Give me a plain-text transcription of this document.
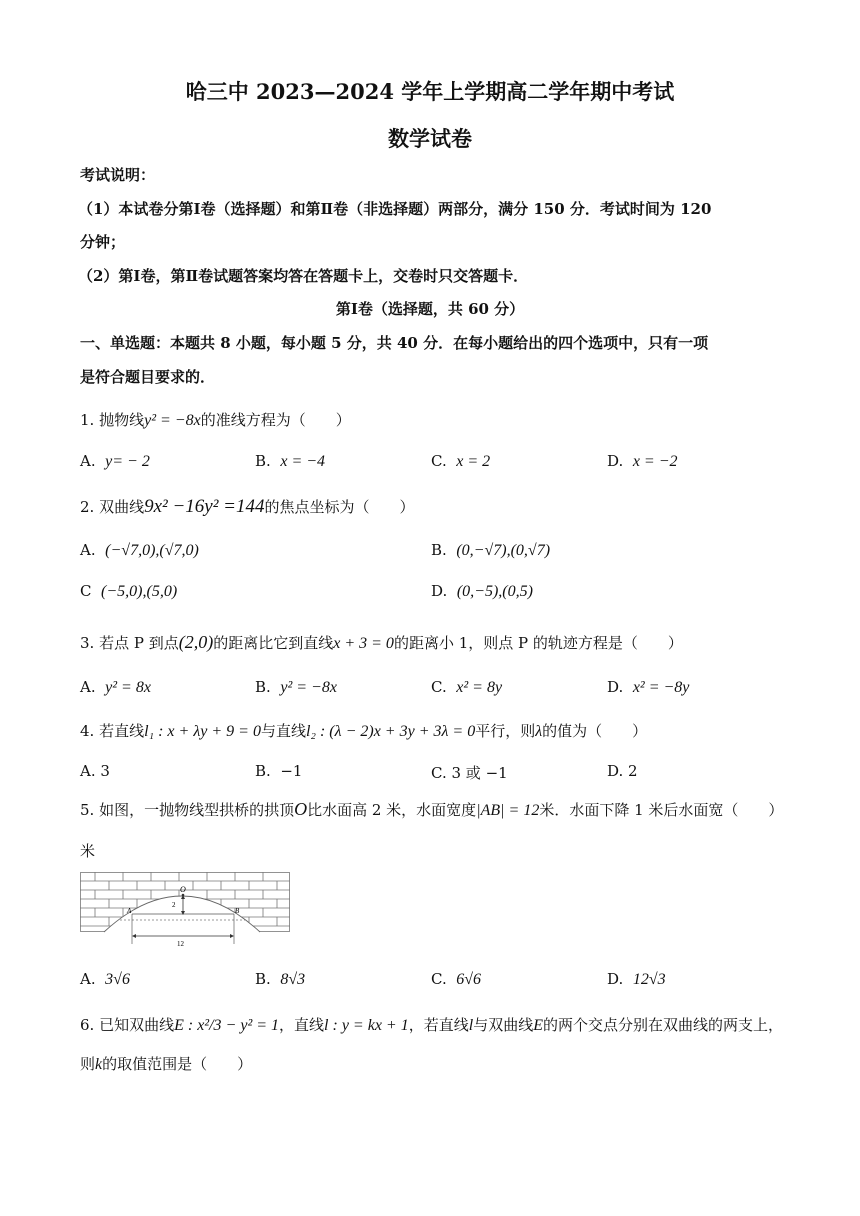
哈三中 2023—2024 学年上学期高二学年期中考试
数学试卷
考试说明：
（1）本试卷分第Ⅰ卷（选择题）和第Ⅱ卷（非选择题）两部分，满分 150 分．考试时间为 120
分钟；
（2）第Ⅰ卷，第Ⅱ卷试题答案均答在答题卡上，交卷时只交答题卡．
第Ⅰ卷（选择题，共 60 分）
一、单选题：本题共 8 小题，每小题 5 分，共 40 分．在每小题给出的四个选项中，只有一项
是符合题目要求的．
1. 抛物线y² = −8x的准线方程为（　　）
A. y= − 2	B. x = −4	C. x = 2	D. x = −2
2. 双曲线9x² −16y² =144的焦点坐标为（　　）
A. (−√7,0),(√7,0)	B. (0,−√7),(0,√7)
C (−5,0),(5,0)	D. (0,−5),(0,5)
3. 若点 P 到点(2,0)的距离比它到直线x + 3 = 0的距离小 1，则点 P 的轨迹方程是（　　）
A. y² = 8x	B. y² = −8x	C. x² = 8y	D. x² = −8y
4. 若直线l₁ : x + λy + 9 = 0与直线l₂ : (λ − 2)x + 3y + 3λ = 0平行，则λ的值为（　　）
A. 3	B. −1	C. 3 或 −1	D. 2
5. 如图，一抛物线型拱桥的拱顶O比水面高 2 米，水面宽度|AB| = 12米．水面下降 1 米后水面宽（　　）
米
O
2
A	B
12
A. 3√6	B. 8√3	C. 6√6	D. 12√3
6. 已知双曲线E : x²/3 − y² = 1，直线l : y = kx + 1，若直线l与双曲线E的两个交点分别在双曲线的两支上，
则k的取值范围是（　　）
